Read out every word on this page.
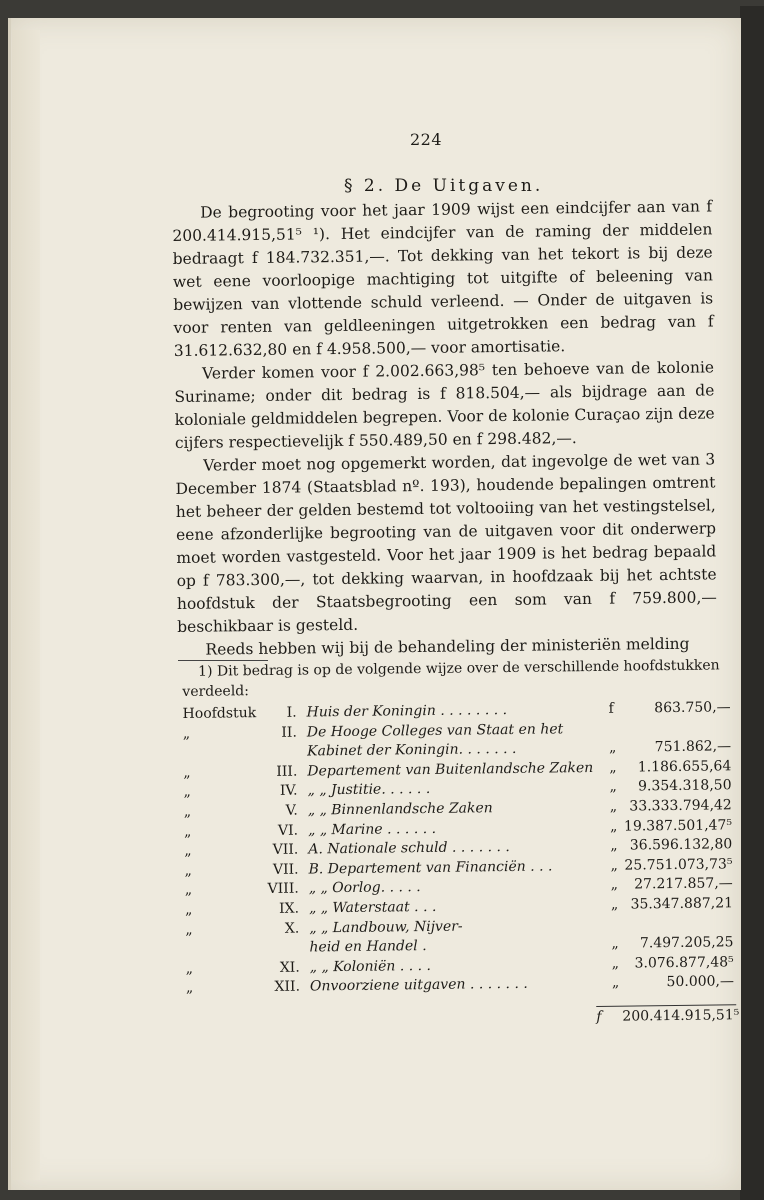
224
§ 2. De Uitgaven.

De begrooting voor het jaar 1909 wijst een eindcijfer aan van f 200.414.915,51⁵ ¹). Het eindcijfer van de raming der middelen bedraagt f 184.732.351,—. Tot dekking van het tekort is bij deze wet eene voorloopige machtiging tot uitgifte of beleening van bewijzen van vlottende schuld verleend. — Onder de uitgaven is voor renten van geldleeningen uitgetrokken een bedrag van f 31.612.632,80 en f 4.958.500,— voor amortisatie.

Verder komen voor f 2.002.663,98⁵ ten behoeve van de kolonie Suriname; onder dit bedrag is f 818.504,— als bijdrage aan de koloniale geldmiddelen begrepen. Voor de kolonie Curaçao zijn deze cijfers respectievelijk f 550.489,50 en f 298.482,—.

Verder moet nog opgemerkt worden, dat ingevolge de wet van 3 December 1874 (Staatsblad nº. 193), houdende bepalingen omtrent het beheer der gelden bestemd tot voltooiing van het vestingstelsel, eene afzonderlijke begrooting van de uitgaven voor dit onderwerp moet worden vastgesteld. Voor het jaar 1909 is het bedrag bepaald op f 783.300,—, tot dekking waarvan, in hoofdzaak bij het achtste hoofdstuk der Staatsbegrooting een som van f 759.800,— beschikbaar is gesteld.

Reeds hebben wij bij de behandeling der ministeriën melding

1) Dit bedrag is op de volgende wijze over de verschillende hoofdstukken
verdeeld:
Hoofdstuk	I. Huis der Koningin . . . . . . . .	f	863.750,—
„	II. De Hooge Colleges van Staat en het
Kabinet der Koningin. . . . . . .	„	751.862,—
„	III. Departement van Buitenlandsche Zaken	„	1.186.655,64
„	IV. „ „ Justitie. . . . . .	„	9.354.318,50
„	V. „ „ Binnenlandsche Zaken	„ 33.333.794,42
„	VI. „ „ Marine . . . . . .	„ 19.387.501,47⁵
„	VII. A. Nationale schuld . . . . . . .	„ 36.596.132,80
„	VII. B. Departement van Financiën . . .	„ 25.751.073,73⁵
„	VIII. „ „ Oorlog. . . . .	„	27.217.857,—
„	IX. „ „ Waterstaat . . .	„ 35.347.887,21
„	X. „ „ Landbouw, Nijver-
heid en Handel .	„	7.497.205,25
„	XI. „ „ Koloniën . . . .	„	3.076.877,48⁵
„	XII. Onvoorziene uitgaven . . . . . . .	„	50.000,—
f	200.414.915,51⁵
